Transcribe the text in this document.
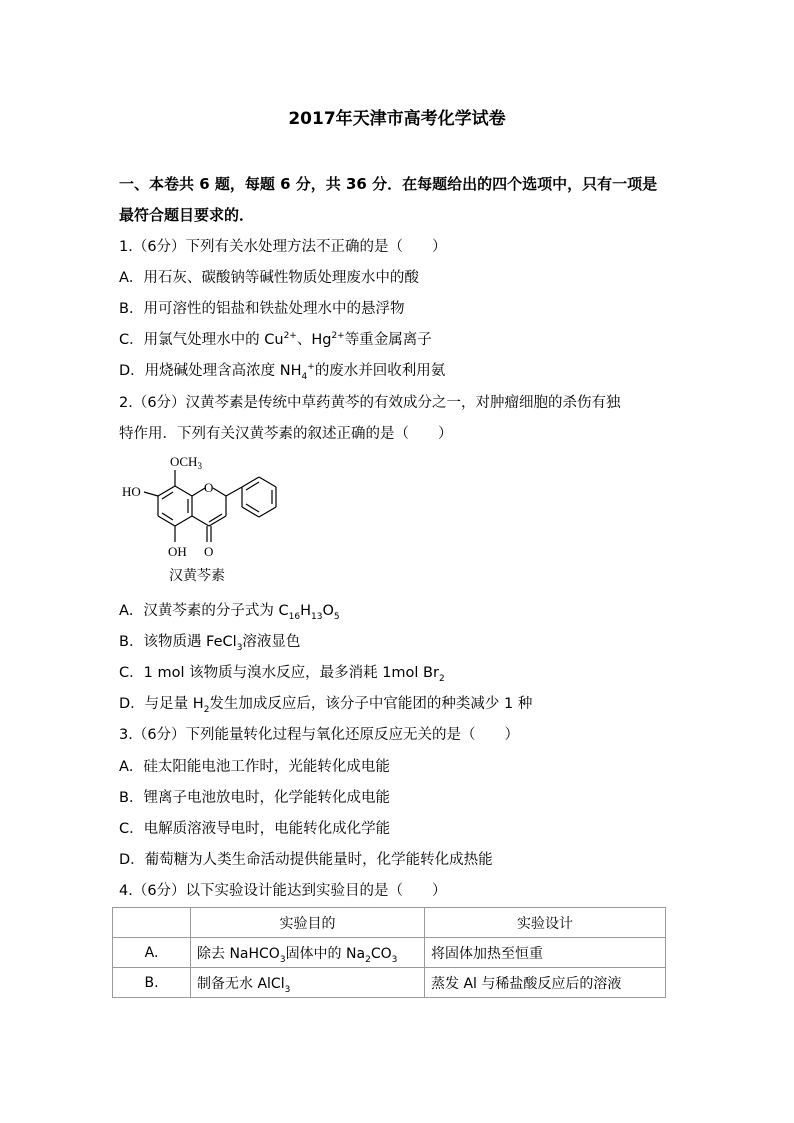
2017年天津市高考化学试卷
一、本卷共 6 题，每题 6 分，共 36 分．在每题给出的四个选项中，只有一项是
最符合题目要求的．
1.（6分）下列有关水处理方法不正确的是（　　）
A．用石灰、碳酸钠等碱性物质处理废水中的酸
B．用可溶性的铝盐和铁盐处理水中的悬浮物
C．用氯气处理水中的 $Cu^{2+}$、$Hg^{2+}$等重金属离子
D．用烧碱处理含高浓度 $NH_4^+$的废水并回收利用氨
2.（6分）汉黄芩素是传统中草药黄芩的有效成分之一，对肿瘤细胞的杀伤有独
特作用．下列有关汉黄芩素的叙述正确的是（　　）
$OCH_3$
HO	O
OH O
汉黄芩素
A．汉黄芩素的分子式为 $C_{16}H_{13}O_5$
B．该物质遇 FeCl$_3$溶液显色
C．1 mol 该物质与溴水反应，最多消耗 1mol $Br_2$
D．与足量 $H_2$发生加成反应后，该分子中官能团的种类减少 1 种
3.（6分）下列能量转化过程与氧化还原反应无关的是（　　）
A．硅太阳能电池工作时，光能转化成电能
B．锂离子电池放电时，化学能转化成电能
C．电解质溶液导电时，电能转化成化学能
D．葡萄糖为人类生命活动提供能量时，化学能转化成热能
4.（6分）以下实验设计能达到实验目的是（　　）
	实验目的	实验设计
A.	除去 NaHCO$_3$固体中的 $Na_2CO_3$	将固体加热至恒重
B.	制备无水 AlCl$_3$	蒸发 Al 与稀盐酸反应后的溶液
